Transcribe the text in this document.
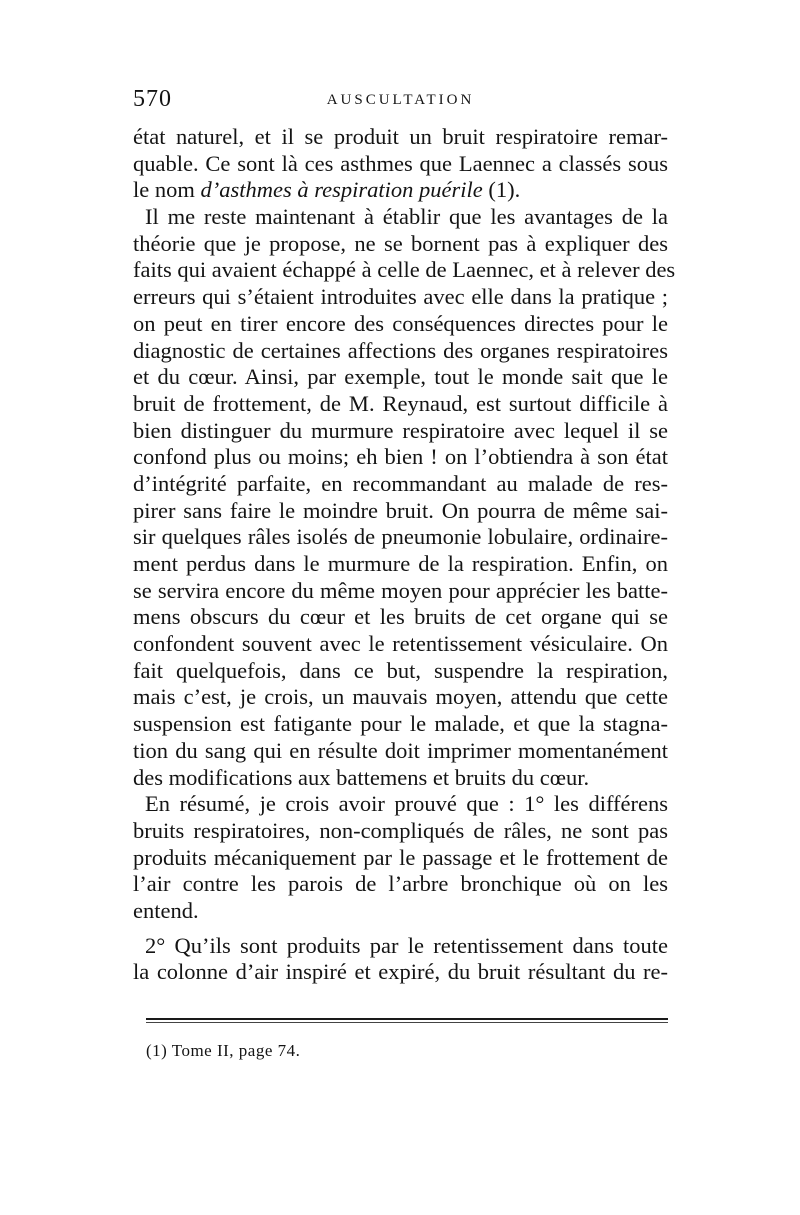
570	AUSCULTATION
état naturel, et il se produit un bruit respiratoire remar-
quable. Ce sont là ces asthmes que Laennec a classés sous
le nom d’asthmes à respiration puérile (1).
Il me reste maintenant à établir que les avantages de la
théorie que je propose, ne se bornent pas à expliquer des
faits qui avaient échappé à celle de Laennec, et à relever des
erreurs qui s’étaient introduites avec elle dans la pratique ;
on peut en tirer encore des conséquences directes pour le
diagnostic de certaines affections des organes respiratoires
et du cœur. Ainsi, par exemple, tout le monde sait que le
bruit de frottement, de M. Reynaud, est surtout difficile à
bien distinguer du murmure respiratoire avec lequel il se
confond plus ou moins; eh bien ! on l’obtiendra à son état
d’intégrité parfaite, en recommandant au malade de res-
pirer sans faire le moindre bruit. On pourra de même sai-
sir quelques râles isolés de pneumonie lobulaire, ordinaire-
ment perdus dans le murmure de la respiration. Enfin, on
se servira encore du même moyen pour apprécier les batte-
mens obscurs du cœur et les bruits de cet organe qui se
confondent souvent avec le retentissement vésiculaire. On
fait quelquefois, dans ce but, suspendre la respiration,
mais c’est, je crois, un mauvais moyen, attendu que cette
suspension est fatigante pour le malade, et que la stagna-
tion du sang qui en résulte doit imprimer momentanément
des modifications aux battemens et bruits du cœur.
En résumé, je crois avoir prouvé que : 1° les différens
bruits respiratoires, non-compliqués de râles, ne sont pas
produits mécaniquement par le passage et le frottement de
l’air contre les parois de l’arbre bronchique où on les
entend.
2° Qu’ils sont produits par le retentissement dans toute
la colonne d’air inspiré et expiré, du bruit résultant du re-
(1) Tome II, page 74.
